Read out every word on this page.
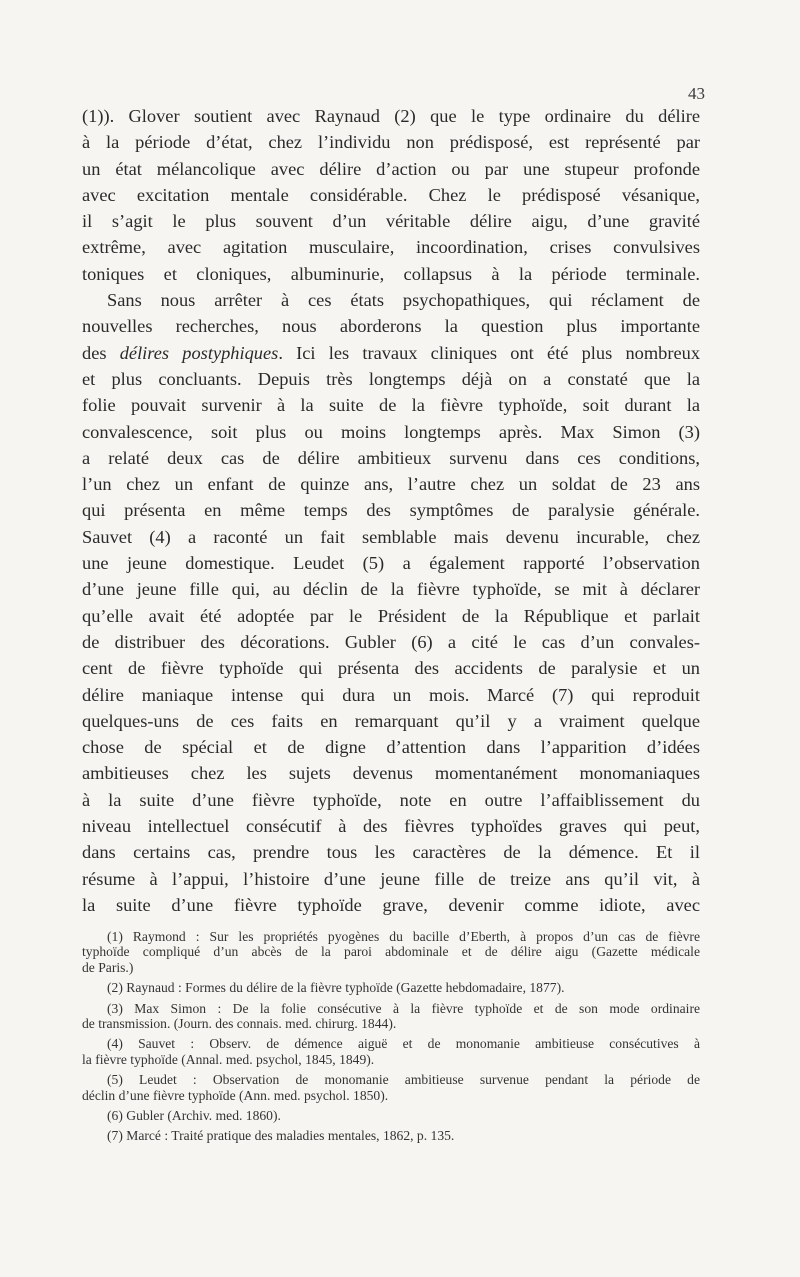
43
(1)). Glover soutient avec Raynaud (2) que le type ordinaire du délire
à la période d’état, chez l’individu non prédisposé, est représenté par
un état mélancolique avec délire d’action ou par une stupeur profonde
avec excitation mentale considérable. Chez le prédisposé vésanique,
il s’agit le plus souvent d’un véritable délire aigu, d’une gravité
extrême, avec agitation musculaire, incoordination, crises convulsives
toniques et cloniques, albuminurie, collapsus à la période terminale.
Sans nous arrêter à ces états psychopathiques, qui réclament de
nouvelles recherches, nous aborderons la question plus importante
des délires postyphiques. Ici les travaux cliniques ont été plus nombreux
et plus concluants. Depuis très longtemps déjà on a constaté que la
folie pouvait survenir à la suite de la fièvre typhoïde, soit durant la
convalescence, soit plus ou moins longtemps après. Max Simon (3)
a relaté deux cas de délire ambitieux survenu dans ces conditions,
l’un chez un enfant de quinze ans, l’autre chez un soldat de 23 ans
qui présenta en même temps des symptômes de paralysie générale.
Sauvet (4) a raconté un fait semblable mais devenu incurable, chez
une jeune domestique. Leudet (5) a également rapporté l’observation
d’une jeune fille qui, au déclin de la fièvre typhoïde, se mit à déclarer
qu’elle avait été adoptée par le Président de la République et parlait
de distribuer des décorations. Gubler (6) a cité le cas d’un convales-
cent de fièvre typhoïde qui présenta des accidents de paralysie et un
délire maniaque intense qui dura un mois. Marcé (7) qui reproduit
quelques-uns de ces faits en remarquant qu’il y a vraiment quelque
chose de spécial et de digne d’attention dans l’apparition d’idées
ambitieuses chez les sujets devenus momentanément monomaniaques
à la suite d’une fièvre typhoïde, note en outre l’affaiblissement du
niveau intellectuel consécutif à des fièvres typhoïdes graves qui peut,
dans certains cas, prendre tous les caractères de la démence. Et il
résume à l’appui, l’histoire d’une jeune fille de treize ans qu’il vit, à
la suite d’une fièvre typhoïde grave, devenir comme idiote, avec
(1) Raymond : Sur les propriétés pyogènes du bacille d’Eberth, à propos d’un cas de fièvre
typhoïde compliqué d’un abcès de la paroi abdominale et de délire aigu (Gazette médicale
de Paris.)
(2) Raynaud : Formes du délire de la fièvre typhoïde (Gazette hebdomadaire, 1877).
(3) Max Simon : De la folie consécutive à la fièvre typhoïde et de son mode ordinaire
de transmission. (Journ. des connais. med. chirurg. 1844).
(4) Sauvet : Observ. de démence aiguë et de monomanie ambitieuse consécutives à
la fièvre typhoïde (Annal. med. psychol, 1845, 1849).
(5) Leudet : Observation de monomanie ambitieuse survenue pendant la période de
déclin d’une fièvre typhoïde (Ann. med. psychol. 1850).
(6) Gubler (Archiv. med. 1860).
(7) Marcé : Traité pratique des maladies mentales, 1862, p. 135.
